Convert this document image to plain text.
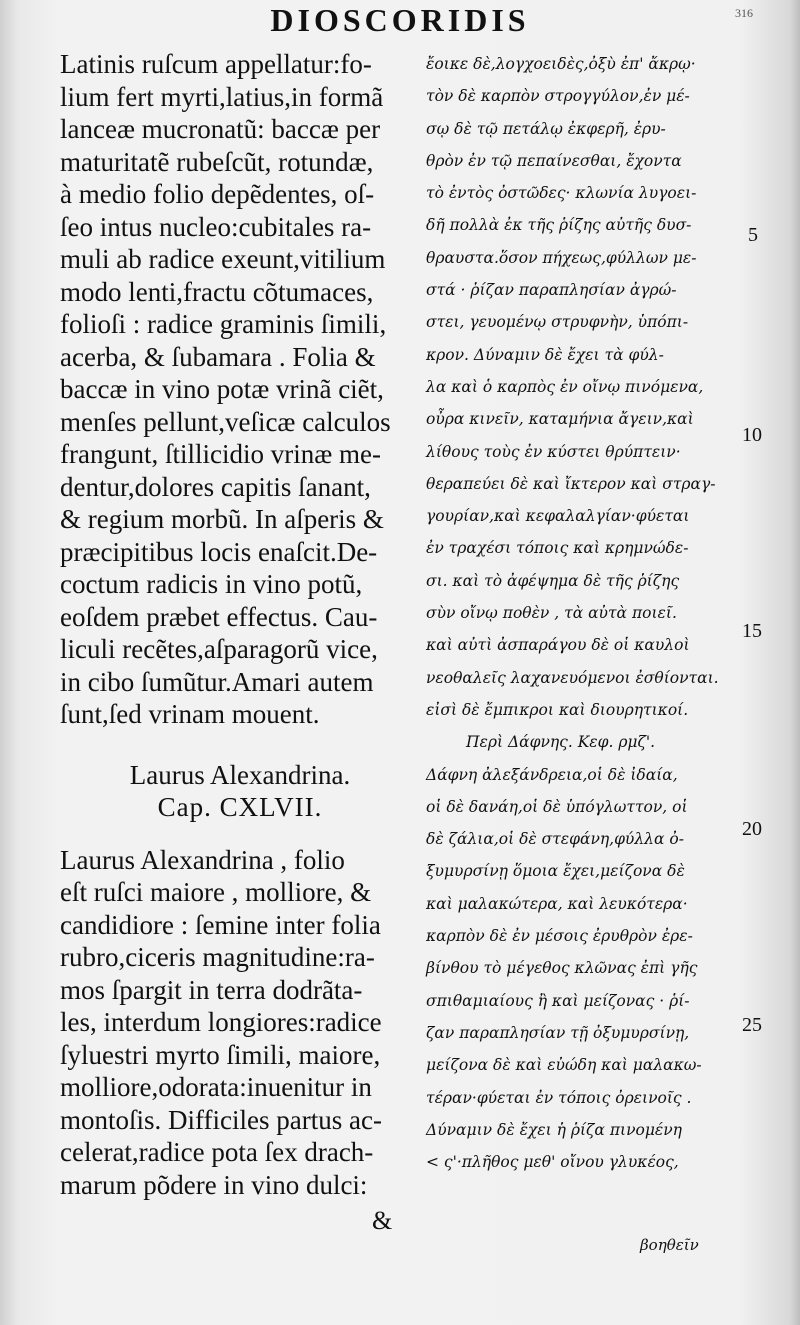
DIOSCORIDIS	316
Latinis ruſcum appellatur:fo-
lium fert myrti,latius,in formã
lanceæ mucronatũ: baccæ per
maturitatẽ rubeſcũt, rotundæ,
à medio folio depẽdentes, oſ-
ſeo intus nucleo:cubitales ra-
muli ab radice exeunt,vitilium
modo lenti,fractu cõtumaces,
folioſi : radice graminis ſimili,
acerba, & ſubamara . Folia &
baccæ in vino potæ vrinã ciẽt,
menſes pellunt,veſicæ calculos
frangunt, ſtillicidio vrinæ me-
dentur,dolores capitis ſanant,
& regium morbũ. In aſperis &
præcipitibus locis enaſcit.De-
coctum radicis in vino potũ,
eoſdem præbet effectus. Cau-
liculi recẽtes,aſparagorũ vice,
in cibo ſumũtur.Amari autem
ſunt,ſed vrinam mouent.
Laurus Alexandrina.
Cap. CXLVII.
Laurus Alexandrina , folio
eſt ruſci maiore , molliore, &
candidiore : ſemine inter folia
rubro,ciceris magnitudine:ra-
mos ſpargit in terra dodrãta-
les, interdum longiores:radice
ſyluestri myrto ſimili, maiore,
molliore,odorata:inuenitur in
montoſis. Difficiles partus ac-
celerat,radice pota ſex drach-
marum põdere in vino dulci:
ἔοικε δὲ,λογχοειδὲς,ὀξὺ ἐπ' ἄκρῳ·
τὸν δὲ καρπὸν στρογγύλον,ἐν μέ-
σῳ δὲ τῷ πετάλῳ ἐκφερῆ, ἐρυ-
θρὸν ἐν τῷ πεπαίνεσθαι, ἔχοντα
τὸ ἐντὸς ὀστῶδες· κλωνία λυγοει-
δῆ πολλὰ ἐκ τῆς ῥίζης αὐτῆς δυσ-
θραυστα.ὅσον πήχεως,φύλλων με-
στά · ῥίζαν παραπλησίαν ἀγρώ-
στει, γευομένῳ στρυφνὴν, ὑπόπι-
κρον. Δύναμιν δὲ ἔχει τὰ φύλ-
λα καὶ ὁ καρπὸς ἐν οἴνῳ πινόμενα,
οὖρα κινεῖν, καταμήνια ἄγειν,καὶ
λίθους τοὺς ἐν κύστει θρύπτειν·
θεραπεύει δὲ καὶ ἴκτερον καὶ στραγ-
γουρίαν,καὶ κεφαλαλγίαν·φύεται
ἐν τραχέσι τόποις καὶ κρημνώδε-
σι. καὶ τὸ ἀφέψημα δὲ τῆς ῥίζης
σὺν οἴνῳ ποθὲν , τὰ αὐτὰ ποιεῖ.
καὶ αὐτὶ ἀσπαράγου δὲ οἱ καυλοὶ
νεοθαλεῖς λαχανευόμενοι ἐσθίονται.
εἰσὶ δὲ ἔμπικροι καὶ διουρητικοί.
Περὶ Δάφνης. Κεφ. ρμζ'.
Δάφνη ἀλεξάνδρεια,οἱ δὲ ἰδαία,
οἱ δὲ δανάη,οἱ δὲ ὑπόγλωττον, οἱ
δὲ ζάλια,οἱ δὲ στεφάνη,φύλλα ὀ-
ξυμυρσίνῃ ὅμοια ἔχει,μείζονα δὲ
καὶ μαλακώτερα, καὶ λευκότερα·
καρπὸν δὲ ἐν μέσοις ἐρυθρὸν ἐρε-
βίνθου τὸ μέγεθος κλῶνας ἐπὶ γῆς
σπιθαμιαίους ἢ καὶ μείζονας · ῥί-
ζαν παραπλησίαν τῇ ὀξυμυρσίνῃ,
μείζονα δὲ καὶ εὐώδη καὶ μαλακω-
τέραν·φύεται ἐν τόποις ὀρεινοῖς .
Δύναμιν δὲ ἔχει ἡ ῥίζα πινομένη
< ς'·πλῆθος μεθ' οἴνου γλυκέος,
5
10
15
20
25
&
βοηθεῖν
